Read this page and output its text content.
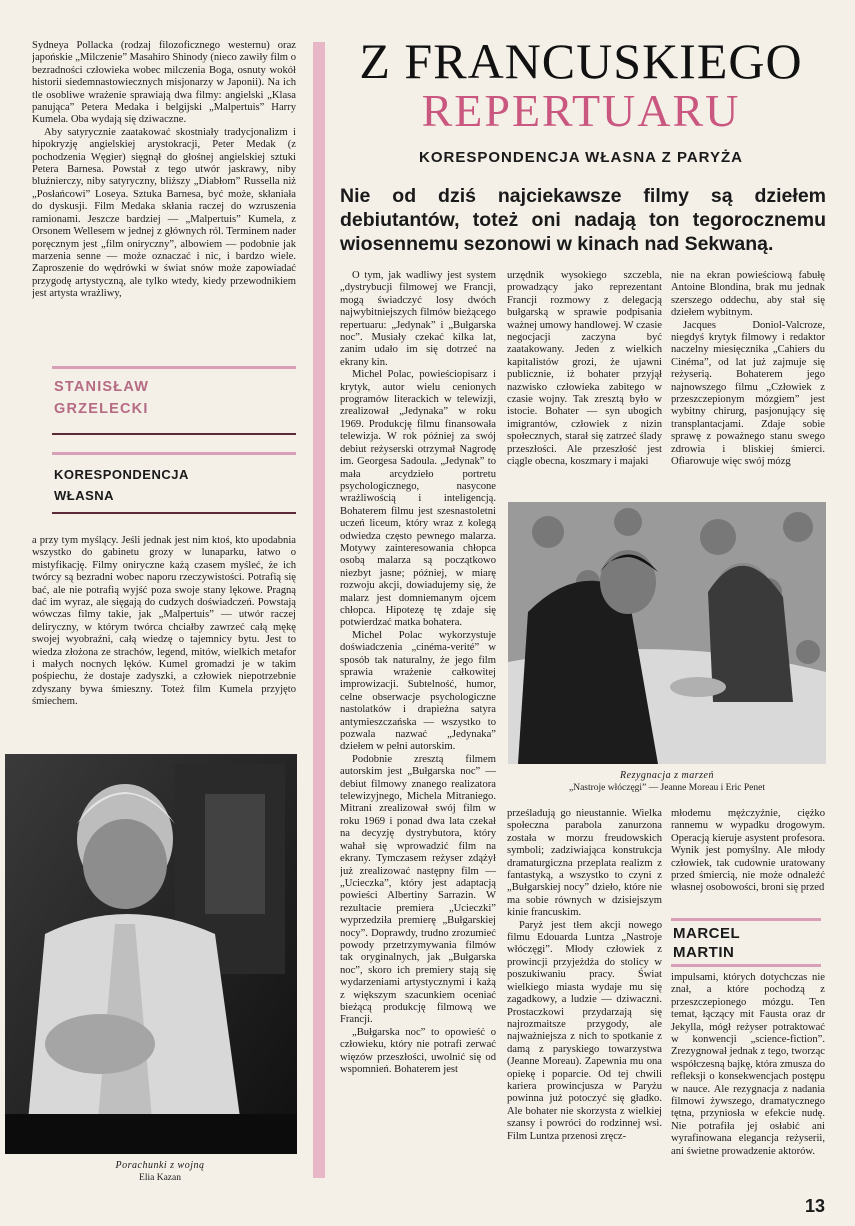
Sydneya Pollacka (rodzaj filozoficznego westernu) oraz japońskie „Milczenie” Masahiro Shinody (nieco zawiły film o bezradności człowieka wobec milczenia Boga, osnuty wokół historii siedemnastowiecznych misjonarzy w Japonii). Na ich tle osobliwe wrażenie sprawiają dwa filmy: angielski „Klasa panująca” Petera Medaka i belgijski „Malpertuis” Harry Kumela. Oba wydają się dziwaczne.

Aby satyrycznie zaatakować skostniały tradycjonalizm i hipokryzję angielskiej arystokracji, Peter Medak (z pochodzenia Węgier) sięgnął do głośnej angielskiej sztuki Petera Barnesa. Powstał z tego utwór jaskrawy, niby bluźnierczy, niby satyryczny, bliższy „Diabłom” Russella niż „Posłańcowi” Loseya. Sztuka Barnesa, być może, skłaniała do dyskusji. Film Medaka skłania raczej do wzruszenia ramionami. Jeszcze bardziej — „Malpertuis” Kumela, z Orsonem Wellesem w jednej z głównych ról. Terminem nader poręcznym jest „film oniryczny”, albowiem — podobnie jak marzenia senne — może oznaczać i nic, i bardzo wiele. Zaproszenie do wędrówki w świat snów może zapowiadać przygodę artystyczną, ale tylko wtedy, kiedy przewodnikiem jest artysta wrażliwy,

STANISŁAW
GRZELECKI
KORESPONDENCJA
WŁASNA

a przy tym myślący. Jeśli jednak jest nim ktoś, kto upodabnia wszystko do gabinetu grozy w lunaparku, łatwo o mistyfikację. Filmy oniryczne każą czasem myśleć, że ich twórcy są bezradni wobec naporu rzeczywistości. Potrafią się bać, ale nie potrafią wyjść poza swoje stany lękowe. Pragną dać im wyraz, ale sięgają do cudzych doświadczeń. Powstają wówczas filmy takie, jak „Malpertuis” — utwór raczej deliryczny, w którym twórca chciałby zawrzeć całą mękę swojej wyobraźni, całą wiedzę o tajemnicy bytu. Jest to wiedza złożona ze strachów, legend, mitów, wielkich metafor i małych nocnych lęków. Kumel gromadzi je w takim pośpiechu, że dostaje zadyszki, a człowiek niepotrzebnie zdyszany bywa śmieszny. Toteż film Kumela przyjęto śmiechem.

Porachunki z wojną
Elia Kazan
Z FRANCUSKIEGO
REPERTUARU
KORESPONDENCJA WŁASNA Z PARYŻA
Nie od dziś najciekawsze filmy są dziełem debiutantów, toteż oni nadają ton tegorocznemu wiosennemu sezonowi w kinach nad Sekwaną.

O tym, jak wadliwy jest system „dystrybucji filmowej we Francji, mogą świadczyć losy dwóch najwybitniejszych filmów bieżącego repertuaru: „Jedynak” i „Bułgarska noc”. Musiały czekać kilka lat, zanim udało im się dotrzeć na ekrany kin.

Michel Polac, powieściopisarz i krytyk, autor wielu cenionych programów literackich w telewizji, zrealizował „Jedynaka” w roku 1969. Produkcję filmu finansowała telewizja. W rok później za swój debiut reżyserski otrzymał Nagrodę im. Georgesa Sadoula. „Jedynak” to mała arcydzieło portretu psychologicznego, nasycone wrażliwością i inteligencją. Bohaterem filmu jest szesnastoletni uczeń liceum, który wraz z kolegą odwiedza często pewnego malarza. Motywy zainteresowania chłopca osobą malarza są początkowo niezbyt jasne; później, w miarę rozwoju akcji, dowiadujemy się, że malarz jest domniemanym ojcem chłopca. Hipotezę tę zdaje się potwierdzać matka bohatera.

Michel Polac wykorzystuje doświadczenia „cinéma-verité” w sposób tak naturalny, że jego film sprawia wrażenie całkowitej improwizacji. Subtelność, humor, celne obserwacje psychologiczne nastolatków i drapieżna satyra antymieszczańska — wszystko to pozwala nazwać „Jedynaka” dziełem w pełni autorskim.

Podobnie zresztą filmem autorskim jest „Bułgarska noc” — debiut filmowy znanego realizatora telewizyjnego, Michela Mitraniego. Mitrani zrealizował swój film w roku 1969 i ponad dwa lata czekał na decyzję dystrybutora, który wahał się wprowadzić film na ekrany. Tymczasem reżyser zdążył już zrealizować następny film — „Ucieczka”, który jest adaptacją powieści Albertiny Sarrazin. W rezultacie premiera „Ucieczki” wyprzedziła premierę „Bułgarskiej nocy”. Doprawdy, trudno zrozumieć powody przetrzymywania filmów tak oryginalnych, jak „Bułgarska noc”, skoro ich premiery stają się wydarzeniami artystycznymi i każą z większym szacunkiem oceniać bieżącą produkcję filmową we Francji.

„Bułgarska noc” to opowieść o człowieku, który nie potrafi zerwać więzów przeszłości, uwolnić się od wspomnień. Bohaterem jest

urzędnik wysokiego szczebla, prowadzący jako reprezentant Francji rozmowy z delegacją bułgarską w sprawie podpisania ważnej umowy handlowej. W czasie negocjacji zaczyna być zaatakowany. Jeden z wielkich kapitalistów grozi, że ujawni publicznie, iż bohater przyjął nazwisko człowieka zabitego w czasie wojny. Tak zresztą było w istocie. Bohater — syn ubogich imigrantów, człowiek z nizin społecznych, starał się zatrzeć ślady przeszłości. Ale przeszłość jest ciągle obecna, koszmary i majaki

nie na ekran powieściową fabułę Antoine Blondina, brak mu jednak szerszego oddechu, aby stał się dziełem wybitnym.

Jacques Doniol-Valcroze, niegdyś krytyk filmowy i redaktor naczelny miesięcznika „Cahiers du Cinéma”, od lat już zajmuje się reżyserią. Bohaterem jego najnowszego filmu „Człowiek z przeszczepionym mózgiem” jest wybitny chirurg, pasjonujący się transplantacjami. Zdaje sobie sprawę z poważnego stanu swego zdrowia i bliskiej śmierci. Ofiarowuje więc swój mózg

Rezygnacja z marzeń
„Nastroje włóczęgi” — Jeanne Moreau i Eric Penet

prześladują go nieustannie. Wielka społeczna parabola zanurzona została w morzu freudowskich symboli; zadziwiająca konstrukcja dramaturgiczna przeplata realizm z fantastyką, a wszystko to czyni z „Bułgarskiej nocy” dzieło, które nie ma sobie równych w dzisiejszym kinie francuskim.

Paryż jest tłem akcji nowego filmu Edouarda Luntza „Nastroje włóczęgi”. Młody człowiek z prowincji przyjeżdża do stolicy w poszukiwaniu pracy. Świat wielkiego miasta wydaje mu się zagadkowy, a ludzie — dziwaczni. Prostaczkowi przydarzają się najrozmaitsze przygody, ale najważniejsza z nich to spotkanie z damą z paryskiego towarzystwa (Jeanne Moreau). Zapewnia mu ona opiekę i poparcie. Od tej chwili kariera prowincjusza w Paryżu powinna już potoczyć się gładko. Ale bohater nie skorzysta z wielkiej szansy i powróci do rodzinnej wsi. Film Luntza przenosi zręcz-

młodemu mężczyźnie, ciężko rannemu w wypadku drogowym. Operacją kieruje asystent profesora. Wynik jest pomyślny. Ale młody człowiek, tak cudownie uratowany przed śmiercią, nie może odnaleźć własnej osobowości, broni się przed

MARCEL
MARTIN

impulsami, których dotychczas nie znał, a które pochodzą z przeszczepionego mózgu. Ten temat, łączący mit Fausta oraz dr Jekylla, mógł reżyser potraktować w konwencji „science-fiction”. Zrezygnował jednak z tego, tworząc współczesną bajkę, która zmusza do refleksji o konsekwencjach postępu w nauce. Ale rezygnacja z nadania filmowi żywszego, dramatycznego tętna, przyniosła w efekcie nudę. Nie potrafiła jej osłabić ani wyrafinowana elegancja reżyserii, ani świetne prowadzenie aktorów.

13
